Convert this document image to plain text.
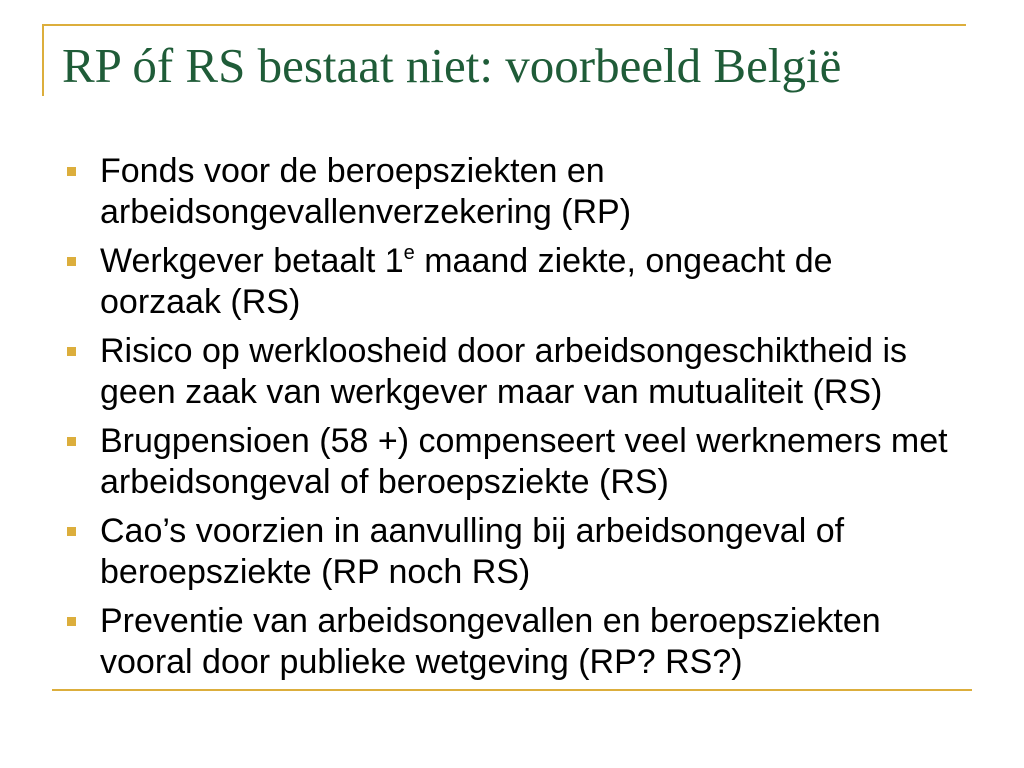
RP óf RS bestaat niet: voorbeeld België
Fonds voor de beroepsziekten en
arbeidsongevallenverzekering (RP)
Werkgever betaalt 1e maand ziekte, ongeacht de
oorzaak (RS)
Risico op werkloosheid door arbeidsongeschiktheid is
geen zaak van werkgever maar van mutualiteit (RS)
Brugpensioen (58 +) compenseert veel werknemers met
arbeidsongeval of beroepsziekte (RS)
Cao’s voorzien in aanvulling bij arbeidsongeval of
beroepsziekte (RP noch RS)
Preventie van arbeidsongevallen en beroepsziekten
vooral door publieke wetgeving (RP? RS?)
